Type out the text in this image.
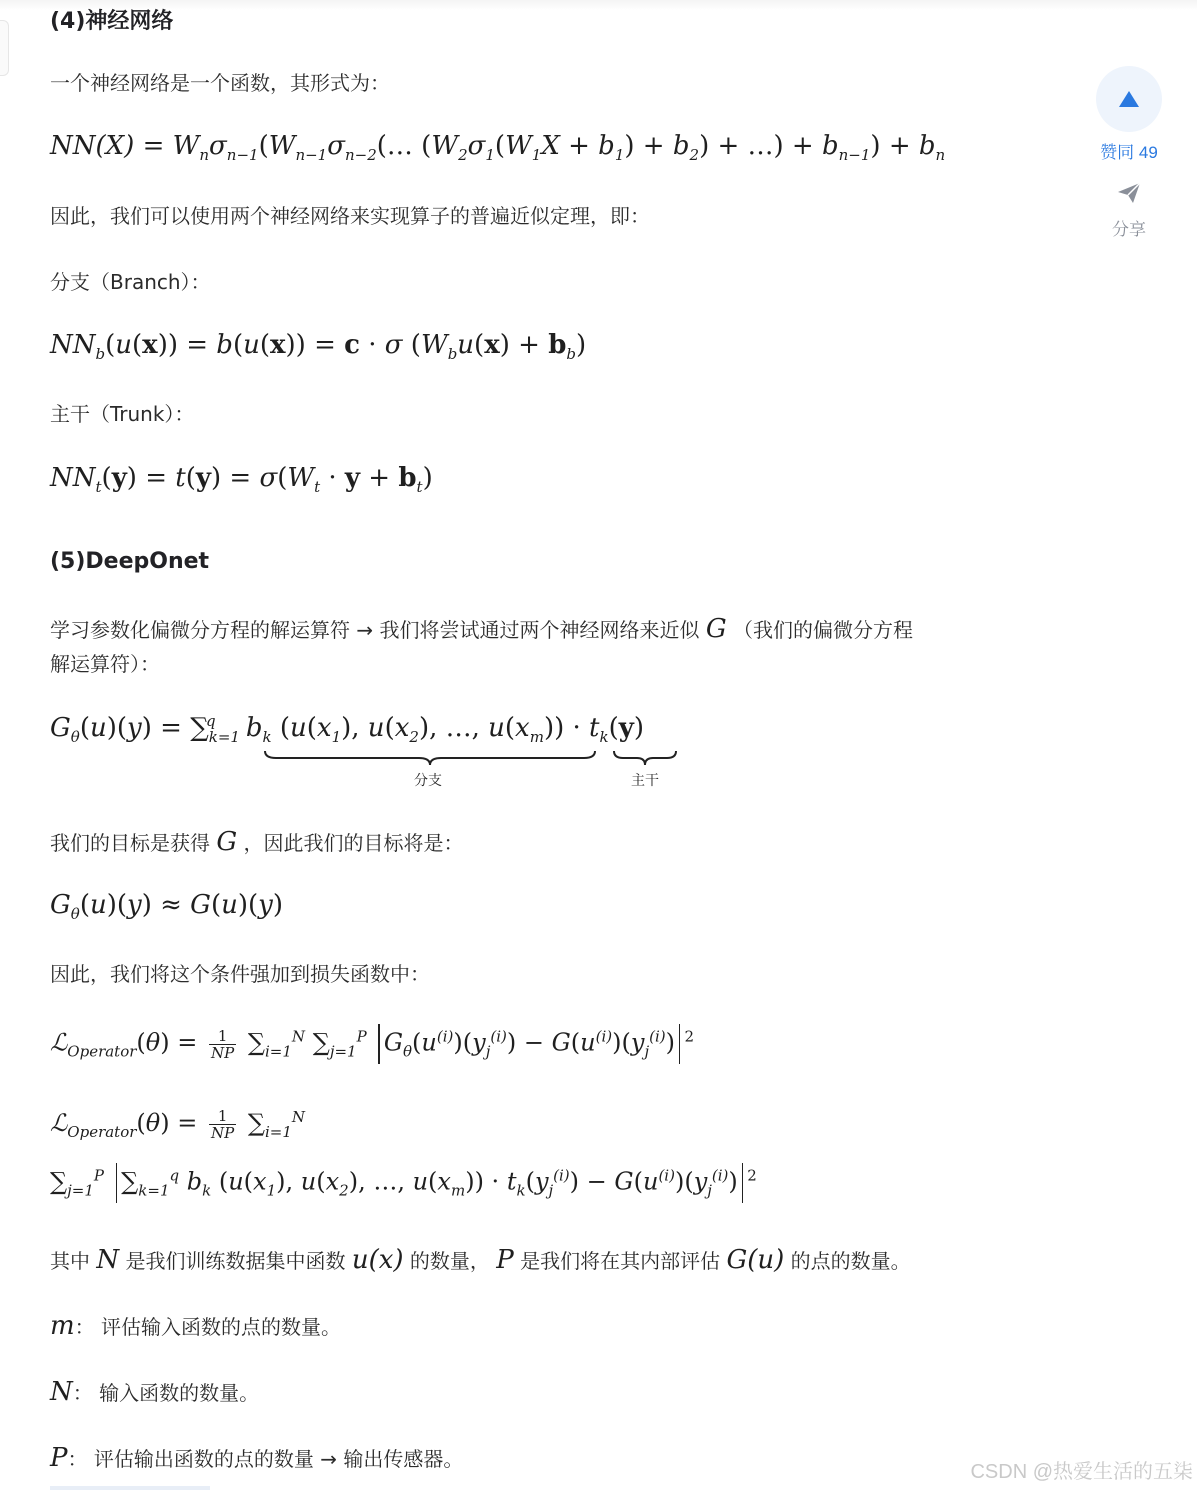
(4)神经网络
一个神经网络是一个函数，其形式为：
$NN(X) = W_n\sigma_{n-1}(W_{n-1}\sigma_{n-2}(\dots$ $(W_2\sigma_1(W_1X + b_1) + b_2)$ + …) + $b_{n-1}) + b_n$
因此，我们可以使用两个神经网络来实现算子的普遍近似定理，即：
分支（Branch）：
$NN_b(u(x)) = b(u(x)) = c \cdot \sigma$ $(W_bu(x) + b_b)$
主干（Trunk）：
$NN_t(y) = t(y) = \sigma(W_t \cdot y + b_t)$
(5)DeepOnet
学习参数化偏微分方程的解运算符 → 我们将尝试通过两个神经网络来近似 G （我们的偏微分方程
解运算符）：
$G_\theta(u)(y) = \sum_{k=1}^q$ $b_k$ ($u(x_1)$, $u(x_2)$, …, $u(x_m)) \cdot t_k(y)$
分支	主干
我们的目标是获得 G ，因此我们的目标将是：
$G_\theta(u)(y) \approx G(u)(y)$
因此，我们将这个条件强加到损失函数中：
ℒ$_{Operator}$(θ) = $\frac{1}{NP} \sum_{i=1}^N$ $\sum_{j=1}^P$ $G_\theta(u^{(i)})(y_j^{(i)}) - G(u^{(i)})(y_j^{(i)})$ $^2$
ℒ$_{Operator}$(θ) = $\frac{1}{NP} \sum_{i=1}^N$
$\sum_{j=1}^P$ $\sum_{k=1}^q$ $b_k$ ($u(x_1)$, $u(x_2)$, …, $u(x_m)) \cdot t_k(y_j^{(i)}) - G(u^{(i)})(y_j^{(i)})$ $^2$
其中 N 是我们训练数据集中函数 u(x) 的数量， P 是我们将在其内部评估 G(u) 的点的数量。
m： 评估输入函数的点的数量。
N： 输入函数的数量。
P： 评估输出函数的点的数量 → 输出传感器。
赞同 49
分享
CSDN @热爱生活的五柒
